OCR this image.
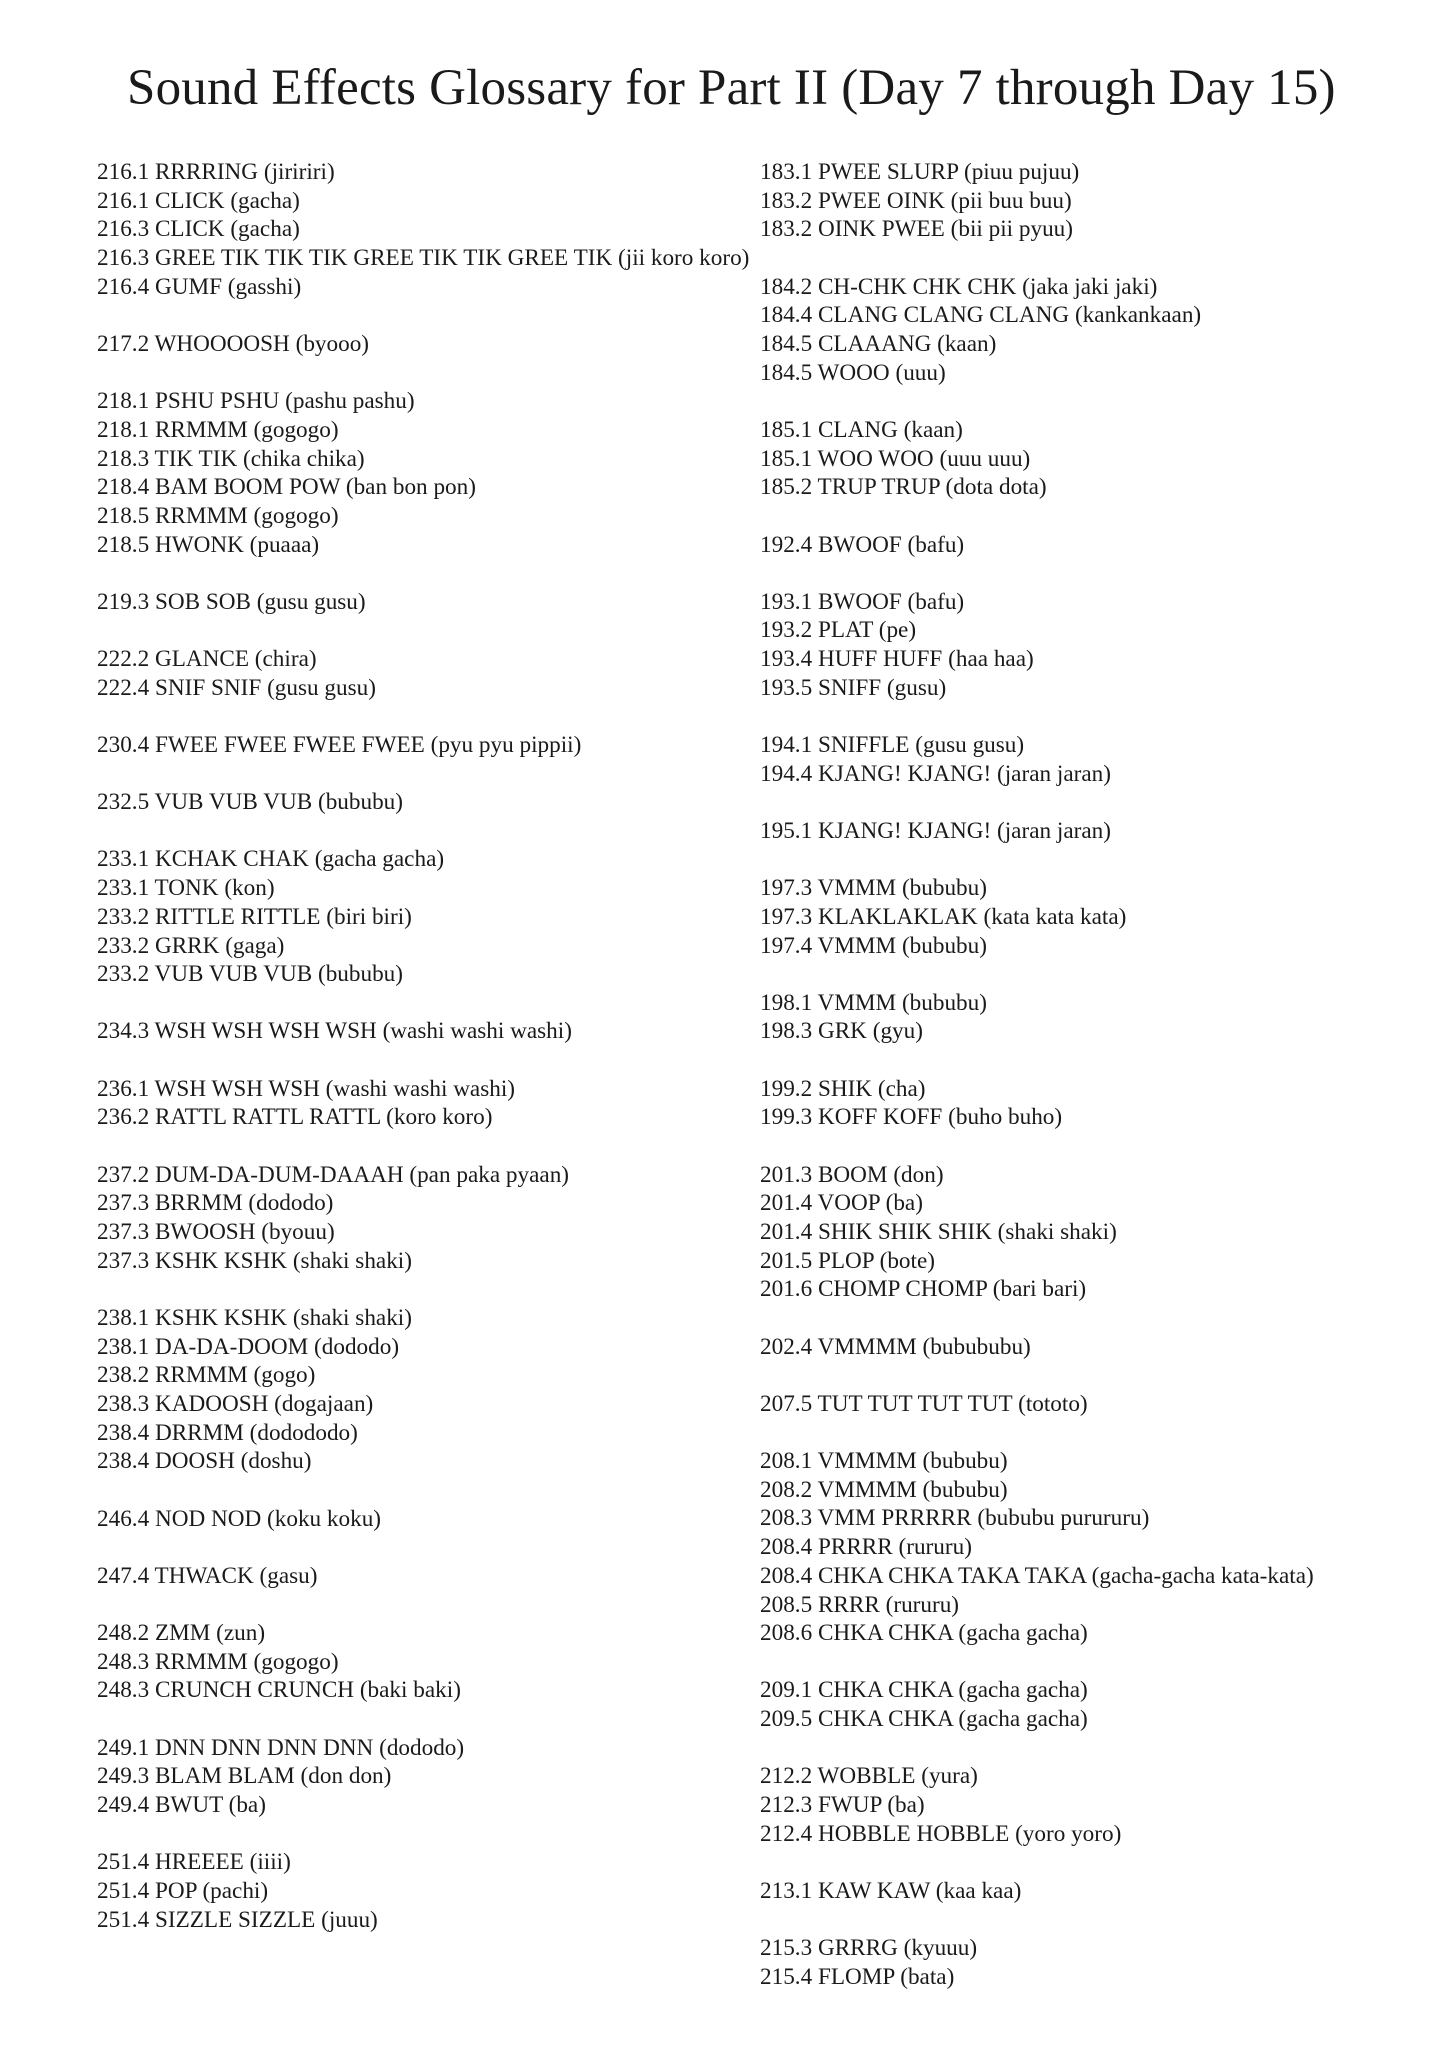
Sound Effects Glossary for Part II (Day 7 through Day 15)
216.1 RRRRING (jiririri)
216.1 CLICK (gacha)
216.3 CLICK (gacha)
216.3 GREE TIK TIK TIK GREE TIK TIK GREE TIK (jii koro koro)
216.4 GUMF (gasshi)
217.2 WHOOOOSH (byooo)
218.1 PSHU PSHU (pashu pashu)
218.1 RRMMM (gogogo)
218.3 TIK TIK (chika chika)
218.4 BAM BOOM POW (ban bon pon)
218.5 RRMMM (gogogo)
218.5 HWONK (puaaa)
219.3 SOB SOB (gusu gusu)
222.2 GLANCE (chira)
222.4 SNIF SNIF (gusu gusu)
230.4 FWEE FWEE FWEE FWEE (pyu pyu pippii)
232.5 VUB VUB VUB (bububu)
233.1 KCHAK CHAK (gacha gacha)
233.1 TONK (kon)
233.2 RITTLE RITTLE (biri biri)
233.2 GRRK (gaga)
233.2 VUB VUB VUB (bububu)
234.3 WSH WSH WSH WSH (washi washi washi)
236.1 WSH WSH WSH (washi washi washi)
236.2 RATTL RATTL RATTL (koro koro)
237.2 DUM-DA-DUM-DAAAH (pan paka pyaan)
237.3 BRRMM (dododo)
237.3 BWOOSH (byouu)
237.3 KSHK KSHK (shaki shaki)
238.1 KSHK KSHK (shaki shaki)
238.1 DA-DA-DOOM (dododo)
238.2 RRMMM (gogo)
238.3 KADOOSH (dogajaan)
238.4 DRRMM (dodododo)
238.4 DOOSH (doshu)
246.4 NOD NOD (koku koku)
247.4 THWACK (gasu)
248.2 ZMM (zun)
248.3 RRMMM (gogogo)
248.3 CRUNCH CRUNCH (baki baki)
249.1 DNN DNN DNN DNN (dododo)
249.3 BLAM BLAM (don don)
249.4 BWUT (ba)
251.4 HREEEE (iiii)
251.4 POP (pachi)
251.4 SIZZLE SIZZLE (juuu)
183.1 PWEE SLURP (piuu pujuu)
183.2 PWEE OINK (pii buu buu)
183.2 OINK PWEE (bii pii pyuu)
184.2 CH-CHK CHK CHK (jaka jaki jaki)
184.4 CLANG CLANG CLANG (kankankaan)
184.5 CLAAANG (kaan)
184.5 WOOO (uuu)
185.1 CLANG (kaan)
185.1 WOO WOO (uuu uuu)
185.2 TRUP TRUP (dota dota)
192.4 BWOOF (bafu)
193.1 BWOOF (bafu)
193.2 PLAT (pe)
193.4 HUFF HUFF (haa haa)
193.5 SNIFF (gusu)
194.1 SNIFFLE (gusu gusu)
194.4 KJANG! KJANG! (jaran jaran)
195.1 KJANG! KJANG! (jaran jaran)
197.3 VMMM (bububu)
197.3 KLAKLAKLAK (kata kata kata)
197.4 VMMM (bububu)
198.1 VMMM (bububu)
198.3 GRK (gyu)
199.2 SHIK (cha)
199.3 KOFF KOFF (buho buho)
201.3 BOOM (don)
201.4 VOOP (ba)
201.4 SHIK SHIK SHIK (shaki shaki)
201.5 PLOP (bote)
201.6 CHOMP CHOMP (bari bari)
202.4 VMMMM (bubububu)
207.5 TUT TUT TUT TUT (tototo)
208.1 VMMMM (bububu)
208.2 VMMMM (bububu)
208.3 VMM PRRRRR (bububu purururu)
208.4 PRRRR (rururu)
208.4 CHKA CHKA TAKA TAKA (gacha-gacha kata-kata)
208.5 RRRR (rururu)
208.6 CHKA CHKA (gacha gacha)
209.1 CHKA CHKA (gacha gacha)
209.5 CHKA CHKA (gacha gacha)
212.2 WOBBLE (yura)
212.3 FWUP (ba)
212.4 HOBBLE HOBBLE (yoro yoro)
213.1 KAW KAW (kaa kaa)
215.3 GRRRG (kyuuu)
215.4 FLOMP (bata)
